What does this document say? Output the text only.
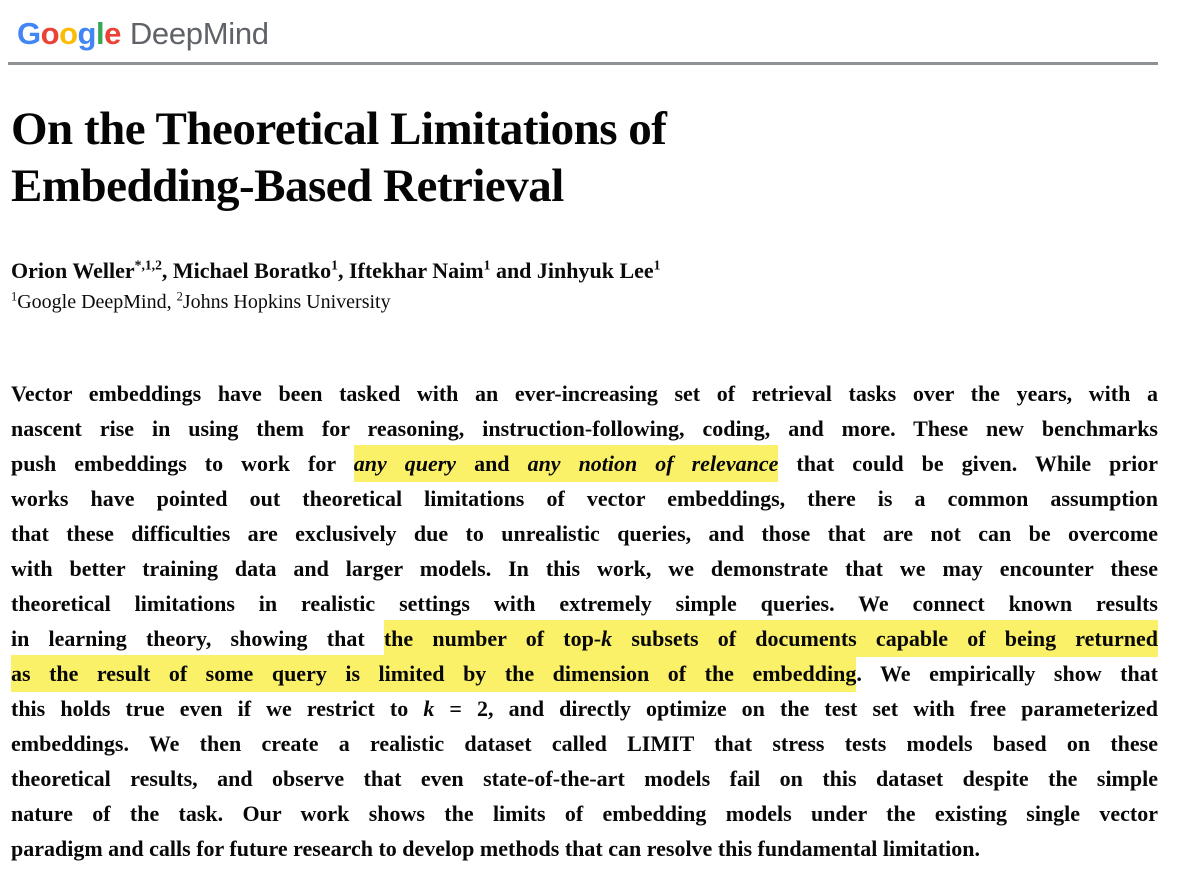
Google DeepMind
On the Theoretical Limitations of
Embedding-Based Retrieval
Orion Weller$^{*,1,2}$, Michael Boratko$^1$, Iftekhar Naim$^1$ and Jinhyuk Lee$^1$
$^1$Google DeepMind, $^2$Johns Hopkins University
Vector embeddings have been tasked with an ever-increasing set of retrieval tasks over the years, with a
nascent rise in using them for reasoning, instruction-following, coding, and more. These new benchmarks
push embeddings to work for any query and any notion of relevance that could be given. While prior
works have pointed out theoretical limitations of vector embeddings, there is a common assumption
that these difficulties are exclusively due to unrealistic queries, and those that are not can be overcome
with better training data and larger models. In this work, we demonstrate that we may encounter these
theoretical limitations in realistic settings with extremely simple queries. We connect known results
in learning theory, showing that the number of top-k subsets of documents capable of being returned
as the result of some query is limited by the dimension of the embedding. We empirically show that
this holds true even if we restrict to k = 2, and directly optimize on the test set with free parameterized
embeddings. We then create a realistic dataset called LIMIT that stress tests models based on these
theoretical results, and observe that even state-of-the-art models fail on this dataset despite the simple
nature of the task. Our work shows the limits of embedding models under the existing single vector
paradigm and calls for future research to develop methods that can resolve this fundamental limitation.
